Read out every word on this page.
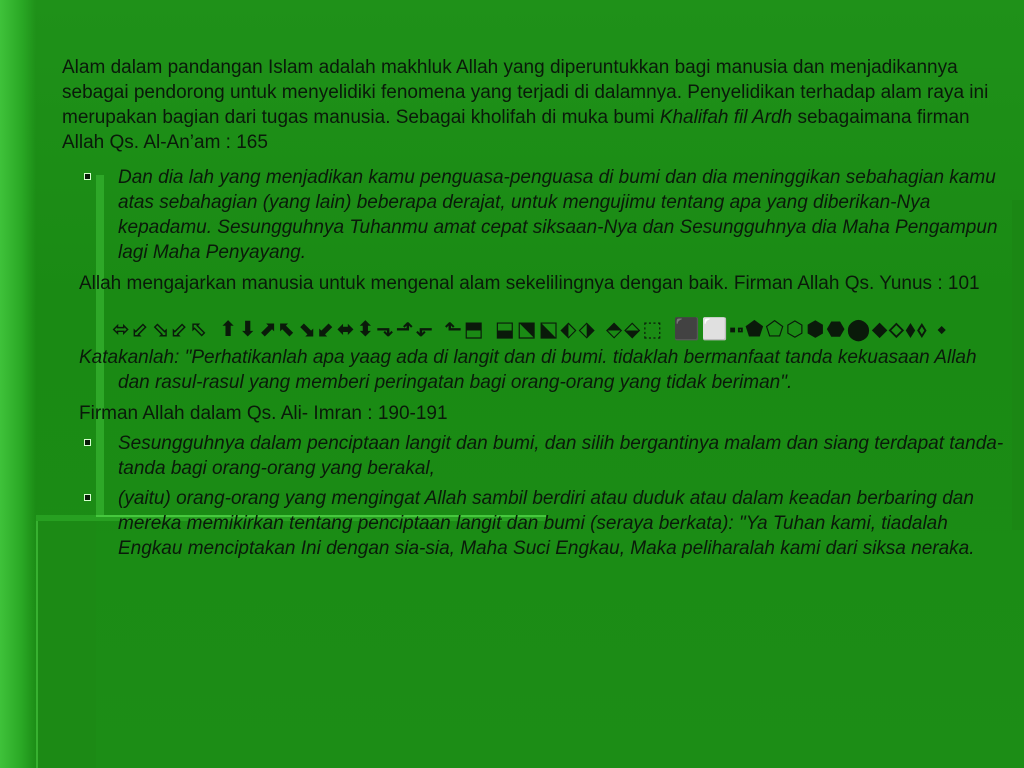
Alam dalam pandangan Islam adalah makhluk Allah yang diperuntukkan bagi manusia dan menjadikannya sebagai pendorong untuk menyelidiki fenomena yang terjadi di dalamnya. Penyelidikan terhadap alam raya ini merupakan bagian dari tugas manusia. Sebagai kholifah di muka bumi Khalifah fil Ardh sebagaimana firman Allah Qs. Al-An’am : 165

Dan dia lah yang menjadikan kamu penguasa-penguasa di bumi dan dia meninggikan sebahagian kamu atas sebahagian (yang lain) beberapa derajat, untuk mengujimu tentang apa yang diberikan-Nya kepadamu. Sesungguhnya Tuhanmu amat cepat siksaan-Nya dan Sesungguhnya dia Maha Pengampun lagi Maha Penyayang.

Allah mengajarkan manusia untuk mengenal alam sekelilingnya dengan baik. Firman Allah Qs. Yunus : 101

⬄⬃⬂⬃⬁ ⬆⬇⬈⬉⬊⬋⬌⬍⬎⬏⬐ ⬑⬒ ⬓⬔⬕⬖⬗ ⬘⬙⬚ ⬛⬜⬝⬞⬟⬠⬡⬢⬣⬤⬥⬦⬧⬨ ⬩

Katakanlah: "Perhatikanlah apa yaag ada di langit dan di bumi. tidaklah bermanfaat tanda kekuasaan Allah dan rasul-rasul yang memberi peringatan bagi orang-orang yang tidak beriman".

Firman Allah dalam Qs. Ali- Imran : 190-191

Sesungguhnya dalam penciptaan langit dan bumi, dan silih bergantinya malam dan siang terdapat tanda-tanda bagi orang-orang yang berakal,

(yaitu) orang-orang yang mengingat Allah sambil berdiri atau duduk atau dalam keadan berbaring dan mereka memikirkan tentang penciptaan langit dan bumi (seraya berkata): "Ya Tuhan kami, tiadalah Engkau menciptakan Ini dengan sia-sia, Maha Suci Engkau, Maka peliharalah kami dari siksa neraka.
